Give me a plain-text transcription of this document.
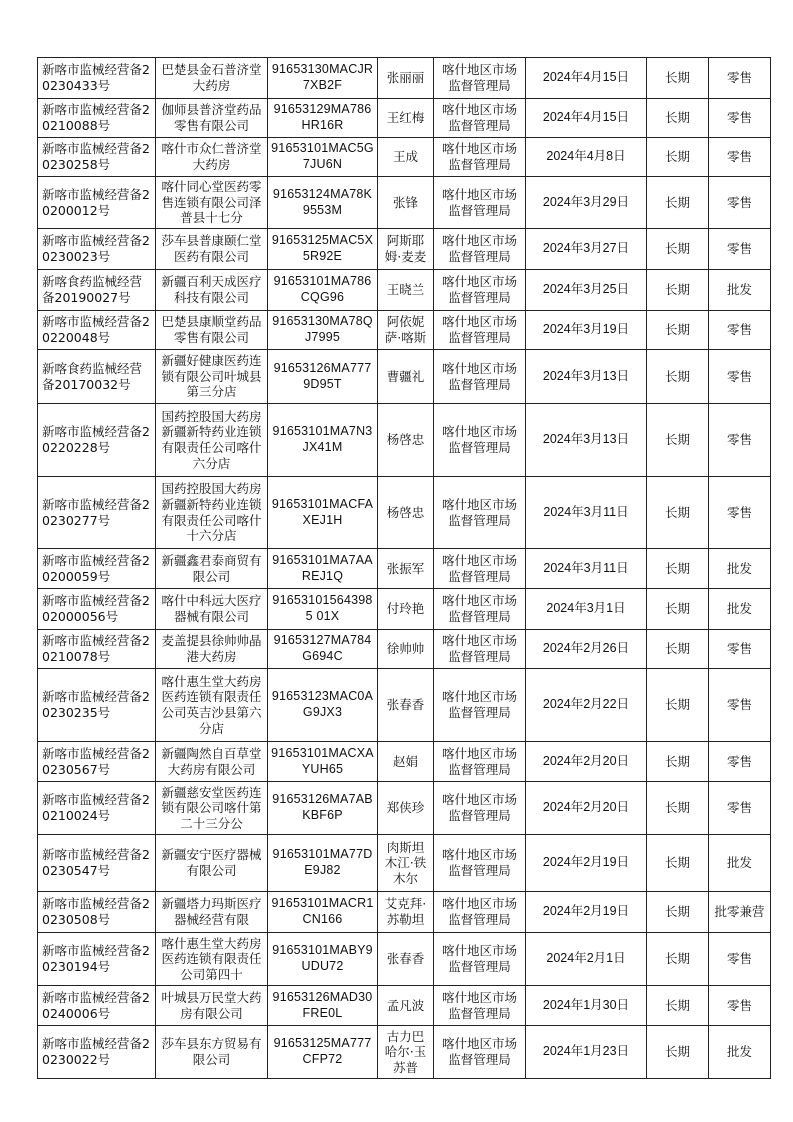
新喀市监械经营备20230433号	巴楚县金石普济堂大药房	91653130MACJR7XB2F	张丽丽	喀什地区市场监督管理局	2024年4月15日	长期	零售
新喀市监械经营备20210088号	伽师县普济堂药品零售有限公司	91653129MA786HR16R	王红梅	喀什地区市场监督管理局	2024年4月15日	长期	零售
新喀市监械经营备20230258号	喀什市众仁普济堂大药房	91653101MAC5G7JU6N	王成	喀什地区市场监督管理局	2024年4月8日	长期	零售
新喀市监械经营备20200012号	喀什同心堂医药零售连锁有限公司泽普县十七分	91653124MA78K9553M	张锋	喀什地区市场监督管理局	2024年3月29日	长期	零售
新喀市监械经营备20230023号	莎车县普康颐仁堂医药有限公司	91653125MAC5X5R92E	阿斯耶姆·麦麦	喀什地区市场监督管理局	2024年3月27日	长期	零售
新喀食药监械经营备20190027号	新疆百利天成医疗科技有限公司	91653101MA786CQG96	王晓兰	喀什地区市场监督管理局	2024年3月25日	长期	批发
新喀市监械经营备20220048号	巴楚县康顺堂药品零售有限公司	91653130MA78QJ7995	阿依妮萨·喀斯	喀什地区市场监督管理局	2024年3月19日	长期	零售
新喀食药监械经营备20170032号	新疆好健康医药连锁有限公司叶城县第三分店	91653126MA7779D95T	曹疆礼	喀什地区市场监督管理局	2024年3月13日	长期	零售
新喀市监械经营备20220228号	国药控股国大药房新疆新特药业连锁有限责任公司喀什六分店	91653101MA7N3JX41M	杨啓忠	喀什地区市场监督管理局	2024年3月13日	长期	零售
新喀市监械经营备20230277号	国药控股国大药房新疆新特药业连锁有限责任公司喀什十六分店	91653101MACFAXEJ1H	杨啓忠	喀什地区市场监督管理局	2024年3月11日	长期	零售
新喀市监械经营备20200059号	新疆鑫君泰商贸有限公司	91653101MA7AAREJ1Q	张振军	喀什地区市场监督管理局	2024年3月11日	长期	批发
新喀市监械经营备202000056号	喀什中科远大医疗器械有限公司	916531015643985 01X	付玲艳	喀什地区市场监督管理局	2024年3月1日	长期	批发
新喀市监械经营备20210078号	麦盖提县徐帅帅晶港大药房	91653127MA784G694C	徐帅帅	喀什地区市场监督管理局	2024年2月26日	长期	零售
新喀市监械经营备20230235号	喀什惠生堂大药房医药连锁有限责任公司英吉沙县第六分店	91653123MAC0AG9JX3	张春香	喀什地区市场监督管理局	2024年2月22日	长期	零售
新喀市监械经营备20230567号	新疆陶然自百草堂大药房有限公司	91653101MACXAYUH65	赵娟	喀什地区市场监督管理局	2024年2月20日	长期	零售
新喀市监械经营备20210024号	新疆慈安堂医药连锁有限公司喀什第二十三分公	91653126MA7ABKBF6P	郑侠珍	喀什地区市场监督管理局	2024年2月20日	长期	零售
新喀市监械经营备20230547号	新疆安宁医疗器械有限公司	91653101MA77DE9J82	肉斯坦木江·铁木尔	喀什地区市场监督管理局	2024年2月19日	长期	批发
新喀市监械经营备20230508号	新疆塔力玛斯医疗器械经营有限	91653101MACR1CN166	艾克拜·苏勒坦	喀什地区市场监督管理局	2024年2月19日	长期	批零兼营
新喀市监械经营备20230194号	喀什惠生堂大药房医药连锁有限责任公司第四十	91653101MABY9UDU72	张春香	喀什地区市场监督管理局	2024年2月1日	长期	零售
新喀市监械经营备20240006号	叶城县万民堂大药房有限公司	91653126MAD30FRE0L	孟凡波	喀什地区市场监督管理局	2024年1月30日	长期	零售
新喀市监械经营备20230022号	莎车县东方贸易有限公司	91653125MA777CFP72	古力巴哈尔·玉苏普	喀什地区市场监督管理局	2024年1月23日	长期	批发
